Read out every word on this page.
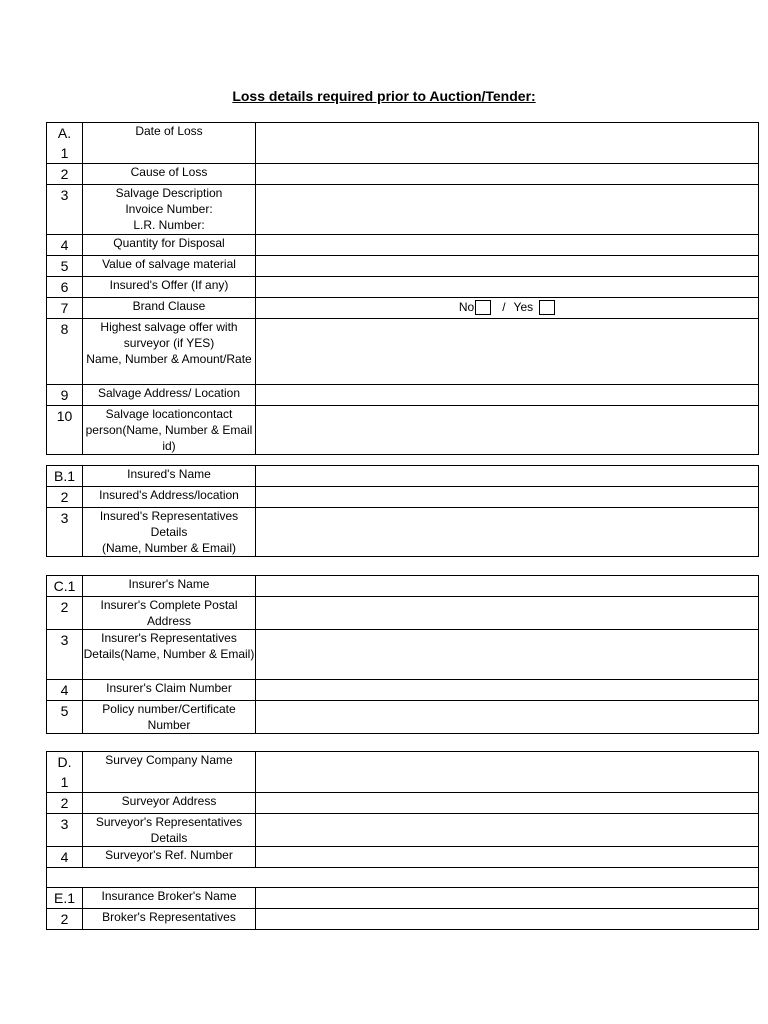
Loss details required prior to Auction/Tender:
A.
1	Date of Loss	

2	Cause of Loss	
3	Salvage Description
Invoice Number:
L.R. Number:	

4	Quantity for Disposal	
5	Value of salvage material	
6	Insured's Offer (If any)	
7	Brand Clause	No / Yes

8	Highest salvage offer with surveyor (if YES)
Name, Number & Amount/Rate	

9	Salvage Address/ Location	
10	Salvage locationcontact person(Name, Number & Email id)	
B.1	Insured's Name	
2	Insured's Address/location	
3	Insured's Representatives Details
(Name, Number & Email)	

C.1	Insurer's Name	
2	Insurer's Complete Postal Address	
3	Insurer's Representatives Details(Name, Number & Email)	
4	Insurer's Claim Number	
5	Policy number/Certificate Number	
D.
1	Survey Company Name	
2	Surveyor Address	
3	Surveyor's Representatives Details	
4	Surveyor's Ref. Number	

E.1	Insurance Broker's Name	
2	Broker's Representatives	
